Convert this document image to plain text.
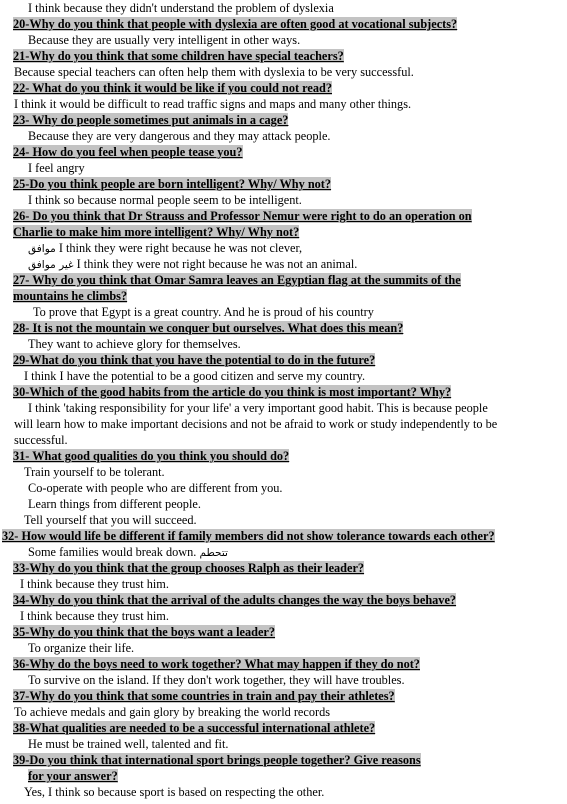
I think because they didn't understand the problem of dyslexia
20-Why do you think that people with dyslexia are often good at vocational subjects?
Because they are usually very intelligent in other ways.
21-Why do you think that some children have special teachers?
Because special teachers can often help them with dyslexia to be very successful.
22- What do you think it would be like if you could not read?
I think it would be difficult to read traffic signs and maps and many other things.
23- Why do people sometimes put animals in a cage?
Because they are very dangerous and they may attack people.
24- How do you feel when people tease you?
I feel angry
25-Do you think people are born intelligent? Why/ Why not?
I think so because normal people seem to be intelligent.
26- Do you think that Dr Strauss and Professor Nemur were right to do an operation on
Charlie to make him more intelligent? Why/ Why not?
موافق I think they were right because he was not clever,
غير موافق I think they were not right because he was not an animal.
27- Why do you think that Omar Samra leaves an Egyptian flag at the summits of the
mountains he climbs?
To prove that Egypt is a great country. And he is proud of his country
28- It is not the mountain we conquer but ourselves. What does this mean?
They want to achieve glory for themselves.
29-What do you think that you have the potential to do in the future?
I think I have the potential to be a good citizen and serve my country.
30-Which of the good habits from the article do you think is most important? Why?
I think 'taking responsibility for your life' a very important good habit. This is because people
will learn how to make important decisions and not be afraid to work or study independently to be
successful.
31- What good qualities do you think you should do?
Train yourself to be tolerant.
Co-operate with people who are different from you.
Learn things from different people.
Tell yourself that you will succeed.
32- How would life be different if family members did not show tolerance towards each other?
Some families would break down. تتحطم
33-Why do you think that the group chooses Ralph as their leader?
I think because they trust him.
34-Why do you think that the arrival of the adults changes the way the boys behave?
I think because they trust him.
35-Why do you think that the boys want a leader?
To organize their life.
36-Why do the boys need to work together? What may happen if they do not?
To survive on the island. If they don't work together, they will have troubles.
37-Why do you think that some countries in train and pay their athletes?
To achieve medals and gain glory by breaking the world records
38-What qualities are needed to be a successful international athlete?
He must be trained well, talented and fit.
39-Do you think that international sport brings people together? Give reasons
for your answer?
Yes, I think so because sport is based on respecting the other.
